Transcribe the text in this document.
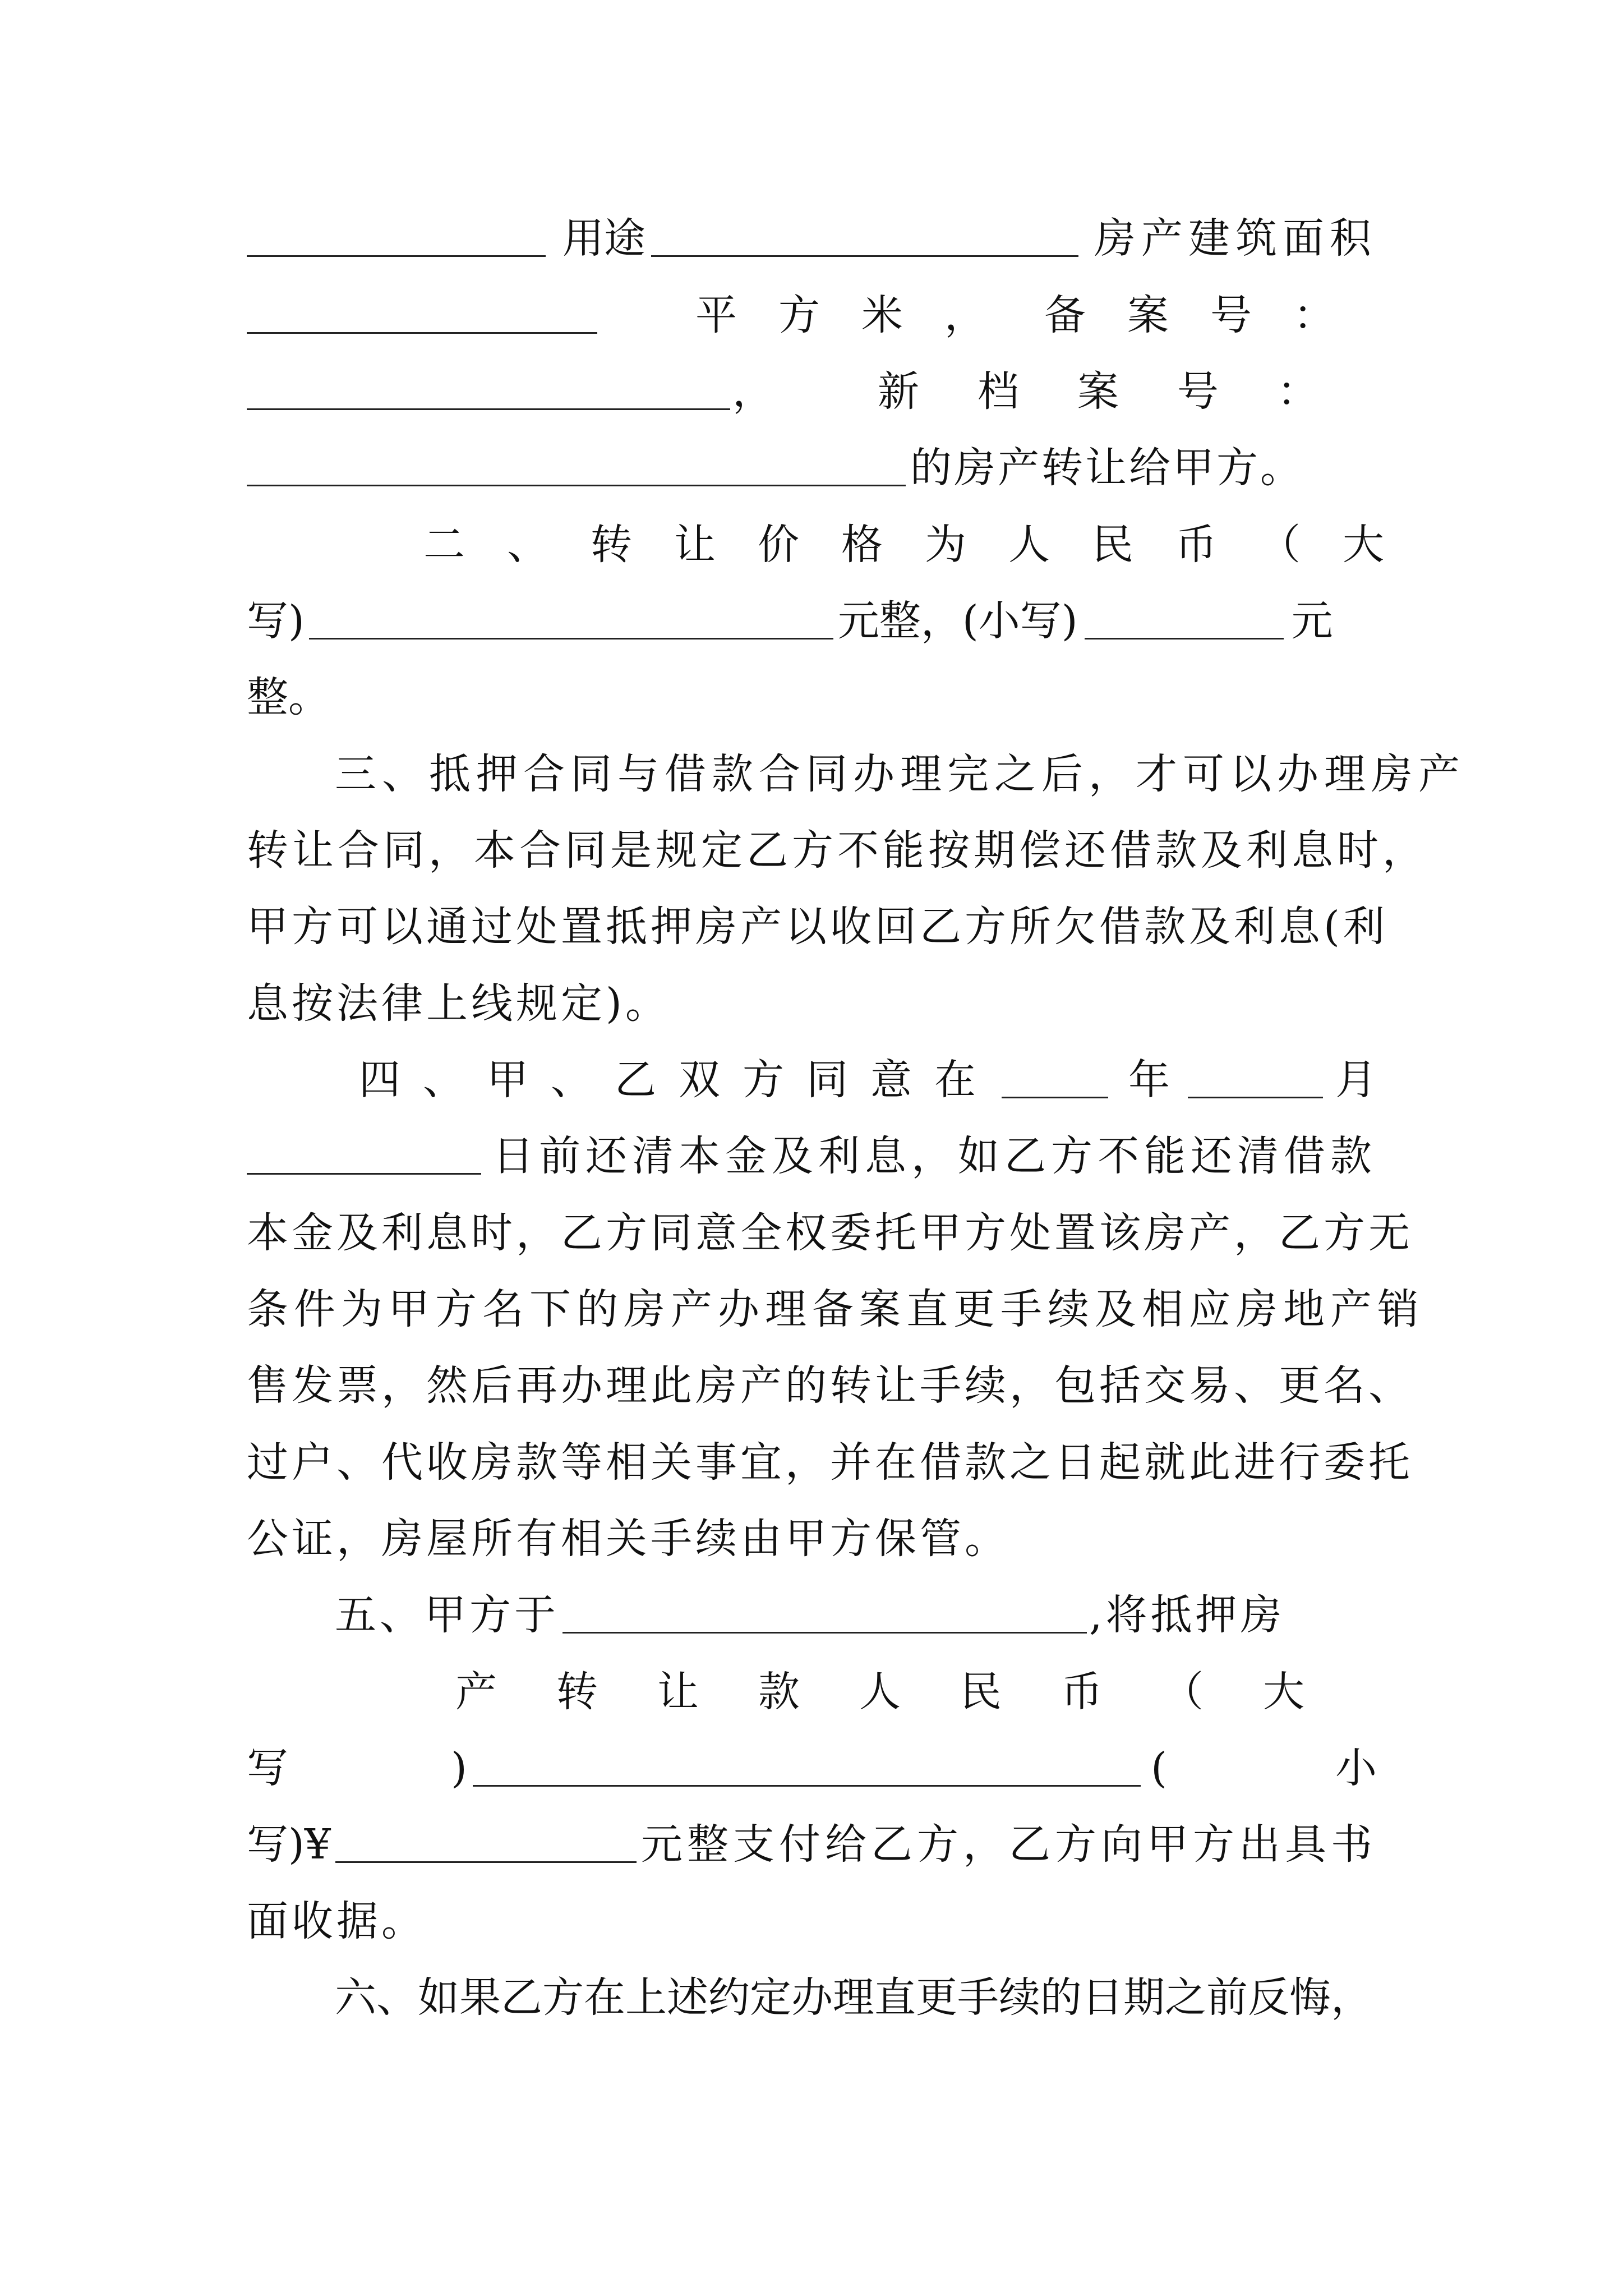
用途	房产建筑面积
平方米， 备案号：
，	新档案号：
的房产转让给甲方。
二、转让价格为人民币（大
写)	元整，(小写)	元
整。
三、抵押合同与借款合同办理完之后，才可以办理房产
转让合同，本合同是规定乙方不能按期偿还借款及利息时，
甲方可以通过处置抵押房产以收回乙方所欠借款及利息(利
息按法律上线规定)。
四、甲、乙双方同意在	年	月
日前还清本金及利息，如乙方不能还清借款
本金及利息时，乙方同意全权委托甲方处置该房产，乙方无
条件为甲方名下的房产办理备案直更手续及相应房地产销
售发票，然后再办理此房产的转让手续，包括交易、更名、
过户、代收房款等相关事宜，并在借款之日起就此进行委托
公证，房屋所有相关手续由甲方保管。
五、甲方于	,将抵押房
产转让款人民币（大
写	)	(	小
写)¥	元整支付给乙方，乙方向甲方出具书
面收据。
六、如果乙方在上述约定办理直更手续的日期之前反悔，
